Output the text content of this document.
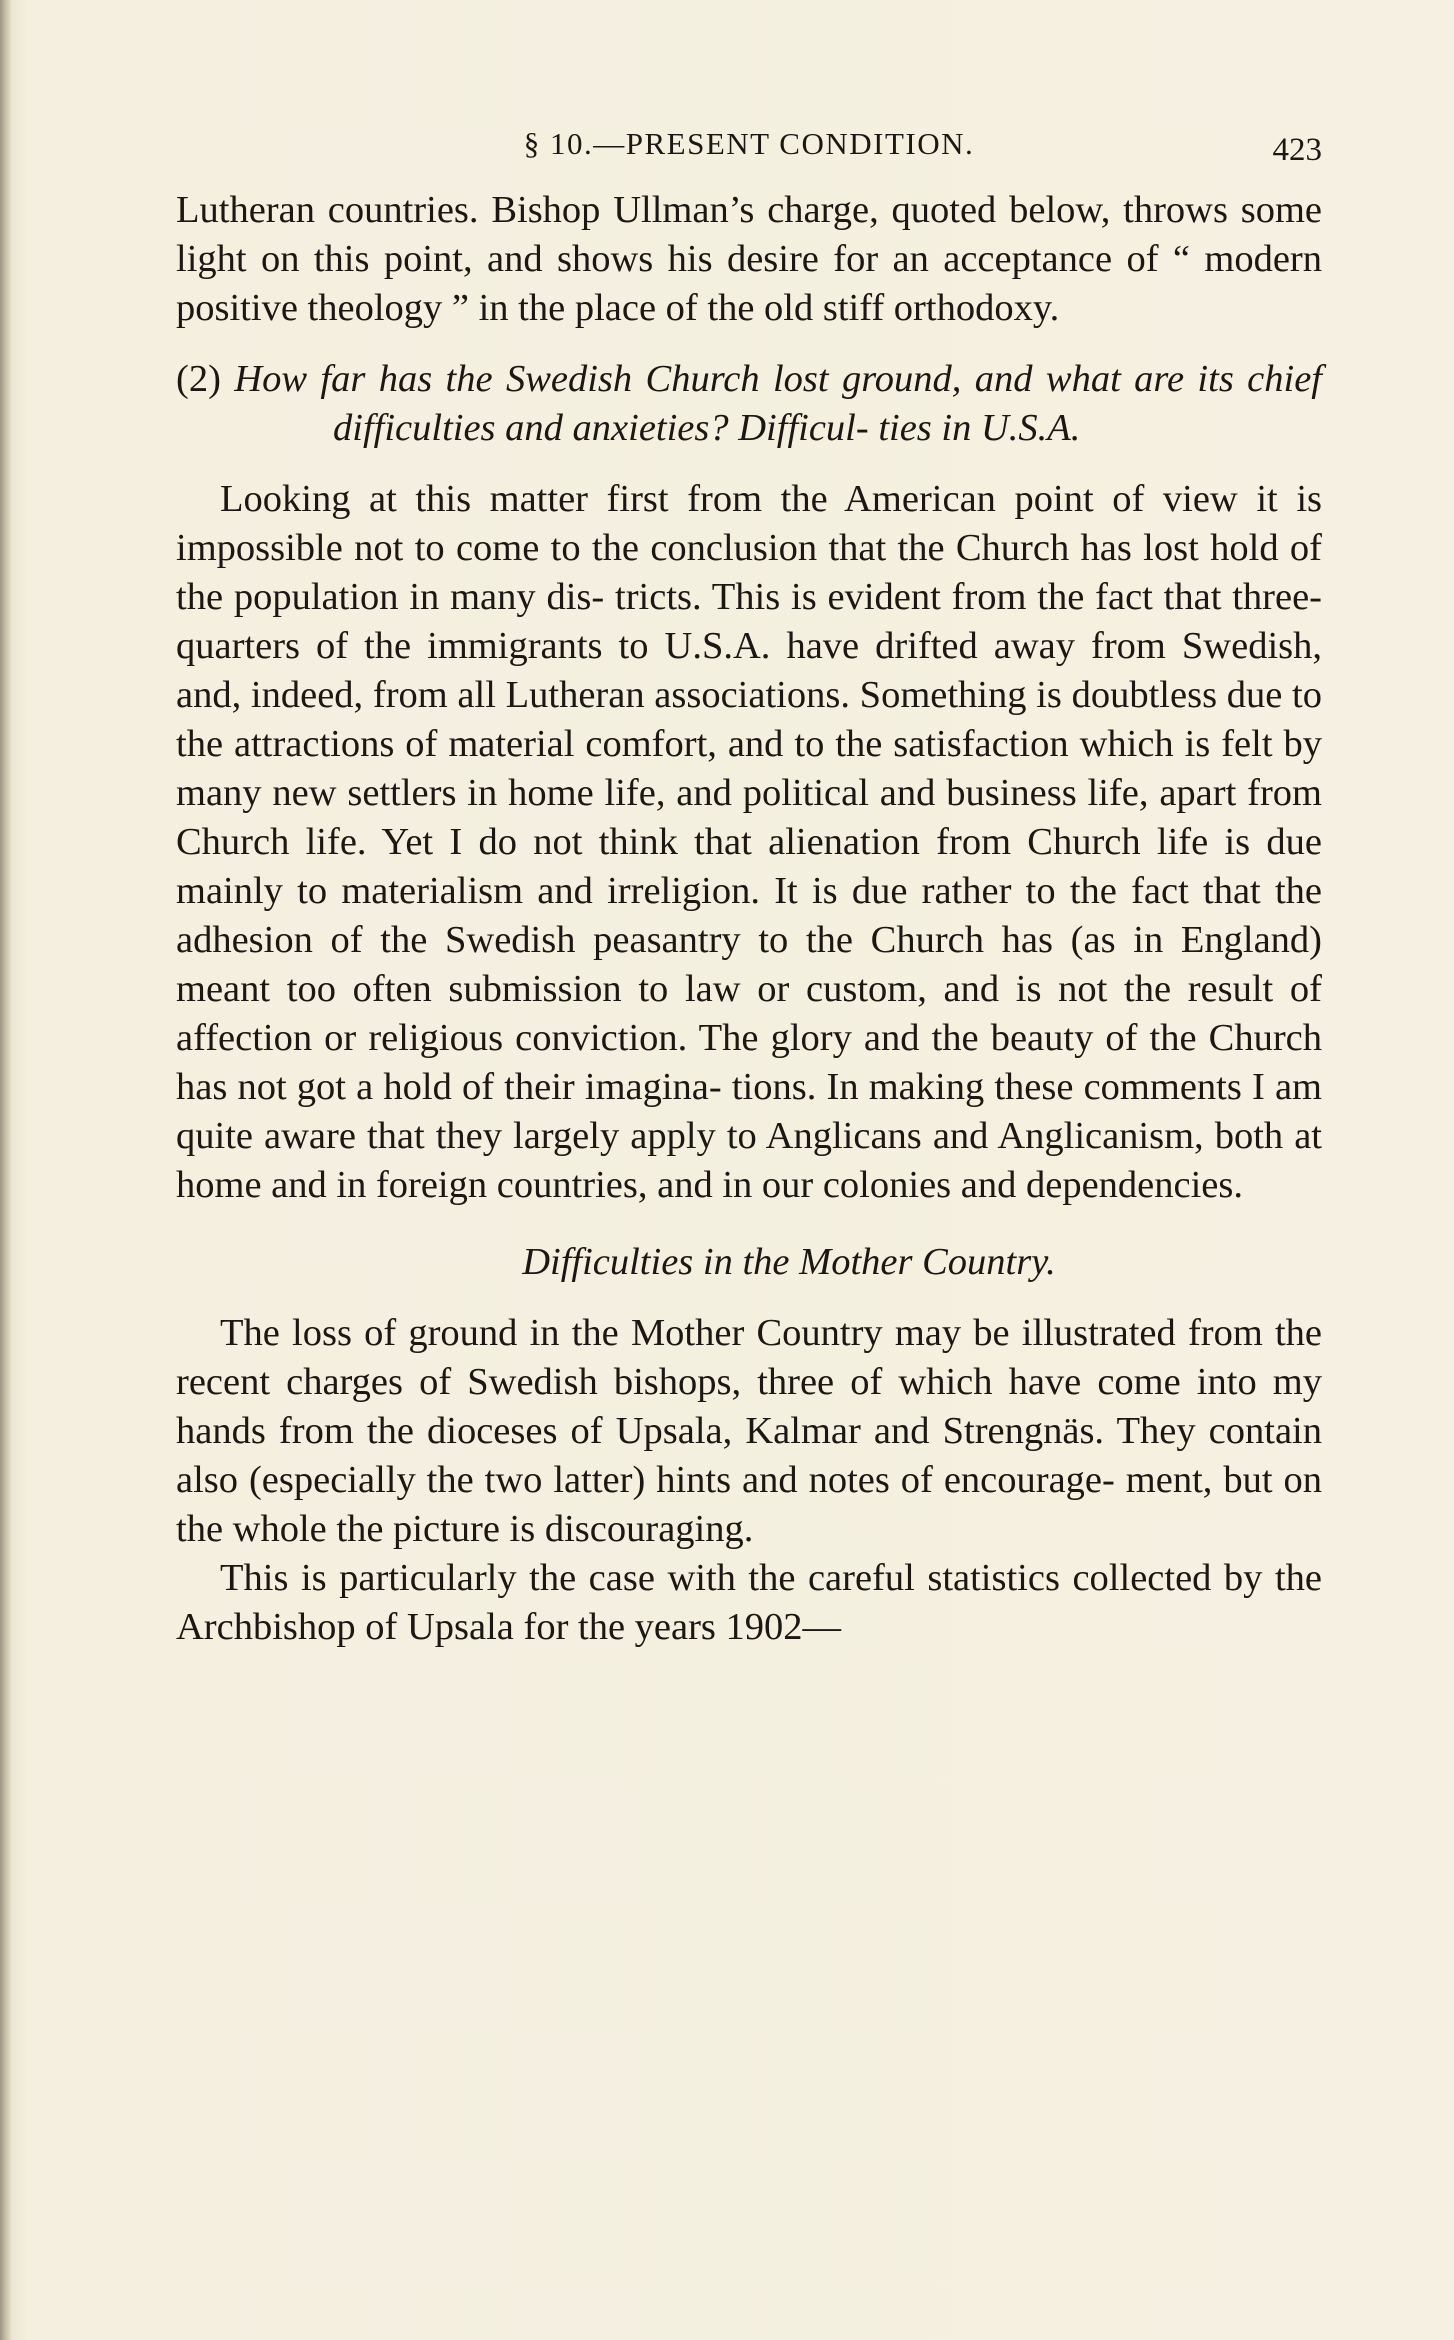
§ 10.—PRESENT CONDITION.	423

Lutheran countries. Bishop Ullman’s charge, quoted below, throws some light on this point, and shows his desire for an acceptance of “ modern positive theology ” in the place of the old stiff orthodoxy.

(2) How far has the Swedish Church lost ground, and what are its chief difficulties and anxieties? Difficul- ties in U.S.A.

Looking at this matter first from the American point of view it is impossible not to come to the conclusion that the Church has lost hold of the population in many dis- tricts. This is evident from the fact that three-quarters of the immigrants to U.S.A. have drifted away from Swedish, and, indeed, from all Lutheran associations. Something is doubtless due to the attractions of material comfort, and to the satisfaction which is felt by many new settlers in home life, and political and business life, apart from Church life. Yet I do not think that alienation from Church life is due mainly to materialism and irreligion. It is due rather to the fact that the adhesion of the Swedish peasantry to the Church has (as in England) meant too often submission to law or custom, and is not the result of affection or religious conviction. The glory and the beauty of the Church has not got a hold of their imagina- tions. In making these comments I am quite aware that they largely apply to Anglicans and Anglicanism, both at home and in foreign countries, and in our colonies and dependencies.

Difficulties in the Mother Country.

The loss of ground in the Mother Country may be illustrated from the recent charges of Swedish bishops, three of which have come into my hands from the dioceses of Upsala, Kalmar and Strengnäs. They contain also (especially the two latter) hints and notes of encourage- ment, but on the whole the picture is discouraging.

This is particularly the case with the careful statistics collected by the Archbishop of Upsala for the years 1902—
